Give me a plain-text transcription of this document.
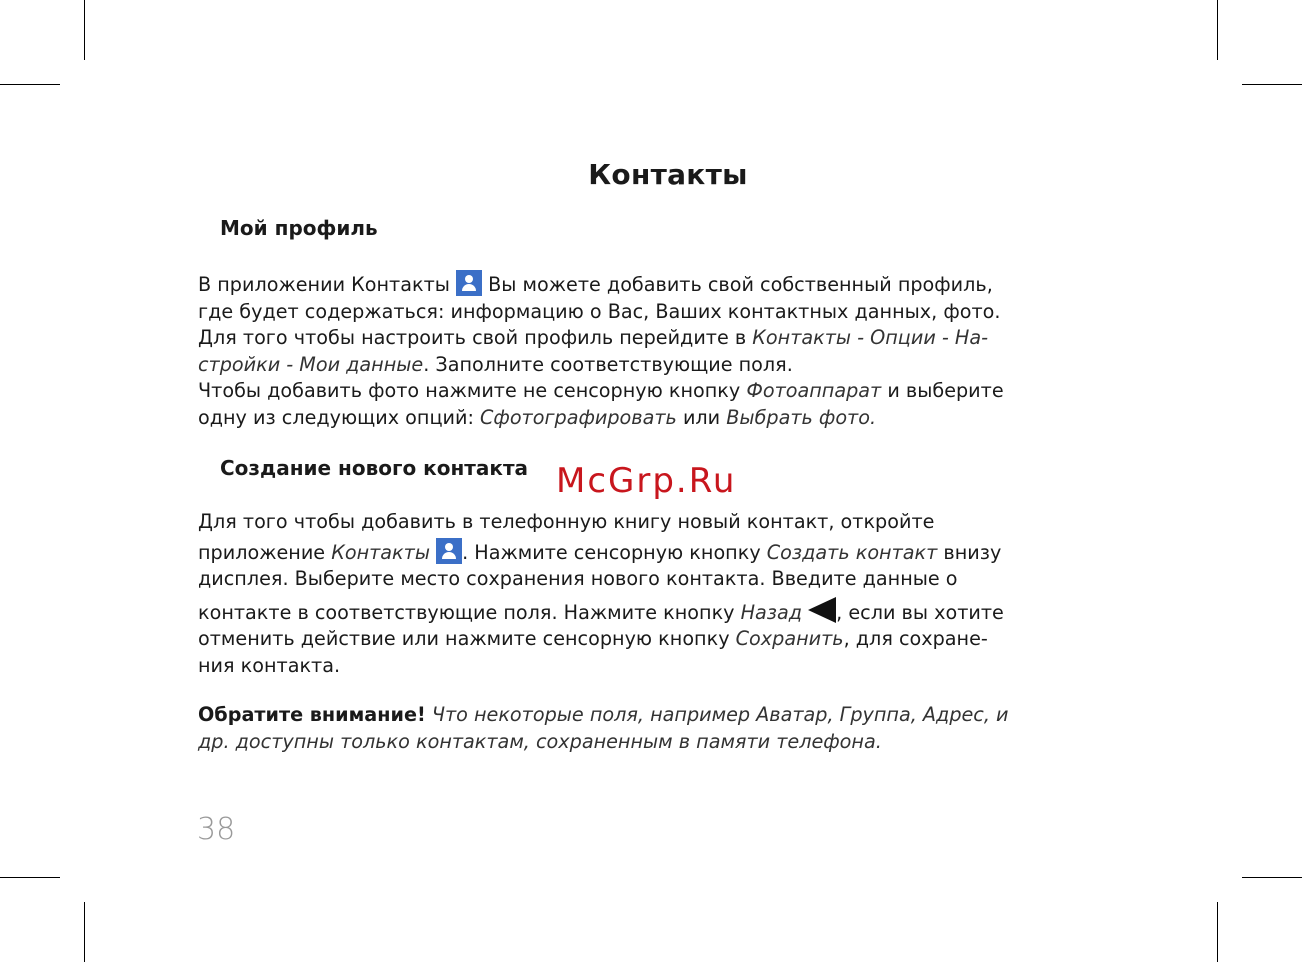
Контакты
Мой профиль
В приложении Контакты Вы можете добавить свой собственный профиль,
где будет содержаться: информацию о Вас, Ваших контактных данных, фото.
Для того чтобы настроить свой профиль перейдите в Контакты - Опции - На-
стройки - Мои данные. Заполните соответствующие поля.
Чтобы добавить фото нажмите не сенсорную кнопку Фотоаппарат и выберите
одну из следующих опций: Сфотографировать или Выбрать фото.
Создание нового контакта McGrp.Ru
Для того чтобы добавить в телефонную книгу новый контакт, откройте
приложение Контакты . Нажмите сенсорную кнопку Создать контакт внизу
дисплея. Выберите место сохранения нового контакта. Введите данные о
контакте в соответствующие поля. Нажмите кнопку Назад , если вы хотите
отменить действие или нажмите сенсорную кнопку Сохранить, для сохране-
ния контакта.
Обратите внимание! Что некоторые поля, например Аватар, Группа, Адрес, и
др. доступны только контактам, сохраненным в памяти телефона.
38
